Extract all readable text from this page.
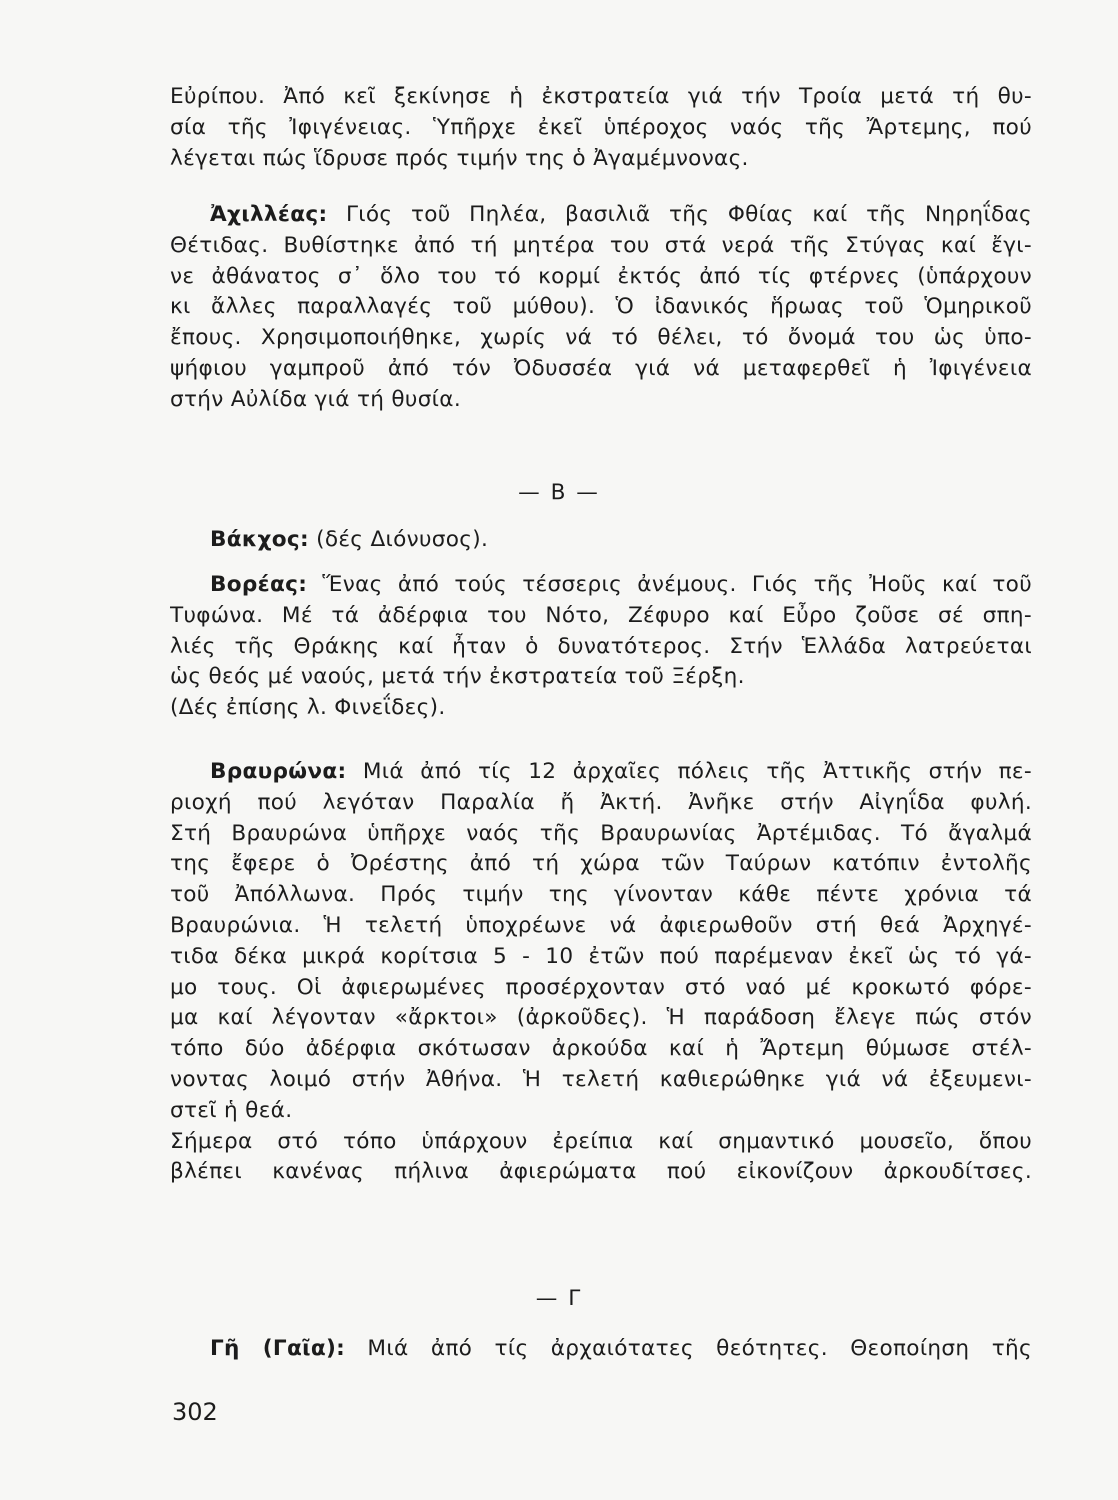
Εὐρίπου. Ἀπό κεῖ ξεκίνησε ἡ ἐκστρατεία γιά τήν Τροία μετά τή θυ-
σία τῆς Ἰφιγένειας. Ὑπῆρχε ἐκεῖ ὑπέροχος ναός τῆς Ἄρτεμης, πού
λέγεται πώς ἵδρυσε πρός τιμήν της ὁ Ἀγαμέμνονας.
Ἀχιλλέας: Γιός τοῦ Πηλέα, βασιλιᾶ τῆς Φθίας καί τῆς Νηρηΐδας
Θέτιδας. Βυθίστηκε ἀπό τή μητέρα του στά νερά τῆς Στύγας καί ἔγι-
νε ἀθάνατος σ᾿ ὅλο του τό κορμί ἐκτός ἀπό τίς φτέρνες (ὑπάρχουν
κι ἄλλες παραλλαγές τοῦ μύθου). Ὁ ἰδανικός ἥρωας τοῦ Ὁμηρικοῦ
ἔπους. Χρησιμοποιήθηκε, χωρίς νά τό θέλει, τό ὄνομά του ὡς ὑπο-
ψήφιου γαμπροῦ ἀπό τόν Ὀδυσσέα γιά νά μεταφερθεῖ ἡ Ἰφιγένεια
στήν Αὐλίδα γιά τή θυσία.
— Β —
Βάκχος: (δές Διόνυσος).
Βορέας: Ἕνας ἀπό τούς τέσσερις ἀνέμους. Γιός τῆς Ἠοῦς καί τοῦ
Τυφώνα. Μέ τά ἀδέρφια του Νότο, Ζέφυρο καί Εὖρο ζοῦσε σέ σπη-
λιές τῆς Θράκης καί ἦταν ὁ δυνατότερος. Στήν Ἑλλάδα λατρεύεται
ὡς θεός μέ ναούς, μετά τήν ἐκστρατεία τοῦ Ξέρξη.
(Δές ἐπίσης λ. Φινεΐδες).
Βραυρώνα: Μιά ἀπό τίς 12 ἀρχαῖες πόλεις τῆς Ἀττικῆς στήν πε-
ριοχή πού λεγόταν Παραλία ἤ Ἀκτή. Ἀνῆκε στήν Αἰγηΐδα φυλή.
Στή Βραυρώνα ὑπῆρχε ναός τῆς Βραυρωνίας Ἀρτέμιδας. Τό ἄγαλμά
της ἔφερε ὁ Ὀρέστης ἀπό τή χώρα τῶν Ταύρων κατόπιν ἐντολῆς
τοῦ Ἀπόλλωνα. Πρός τιμήν της γίνονταν κάθε πέντε χρόνια τά
Βραυρώνια. Ἡ τελετή ὑποχρέωνε νά ἀφιερωθοῦν στή θεά Ἀρχηγέ-
τιδα δέκα μικρά κορίτσια 5 - 10 ἐτῶν πού παρέμεναν ἐκεῖ ὡς τό γά-
μο τους. Οἱ ἀφιερωμένες προσέρχονταν στό ναό μέ κροκωτό φόρε-
μα καί λέγονταν «ἄρκτοι» (ἀρκοῦδες). Ἡ παράδοση ἔλεγε πώς στόν
τόπο δύο ἀδέρφια σκότωσαν ἀρκούδα καί ἡ Ἄρτεμη θύμωσε στέλ-
νοντας λοιμό στήν Ἀθήνα. Ἡ τελετή καθιερώθηκε γιά νά ἐξευμενι-
στεῖ ἡ θεά.
Σήμερα στό τόπο ὑπάρχουν ἐρείπια καί σημαντικό μουσεῖο, ὅπου
βλέπει κανένας πήλινα ἀφιερώματα πού εἰκονίζουν ἀρκουδίτσες.
— Γ
Γῆ (Γαῖα): Μιά ἀπό τίς ἀρχαιότατες θεότητες. Θεοποίηση τῆς
302
